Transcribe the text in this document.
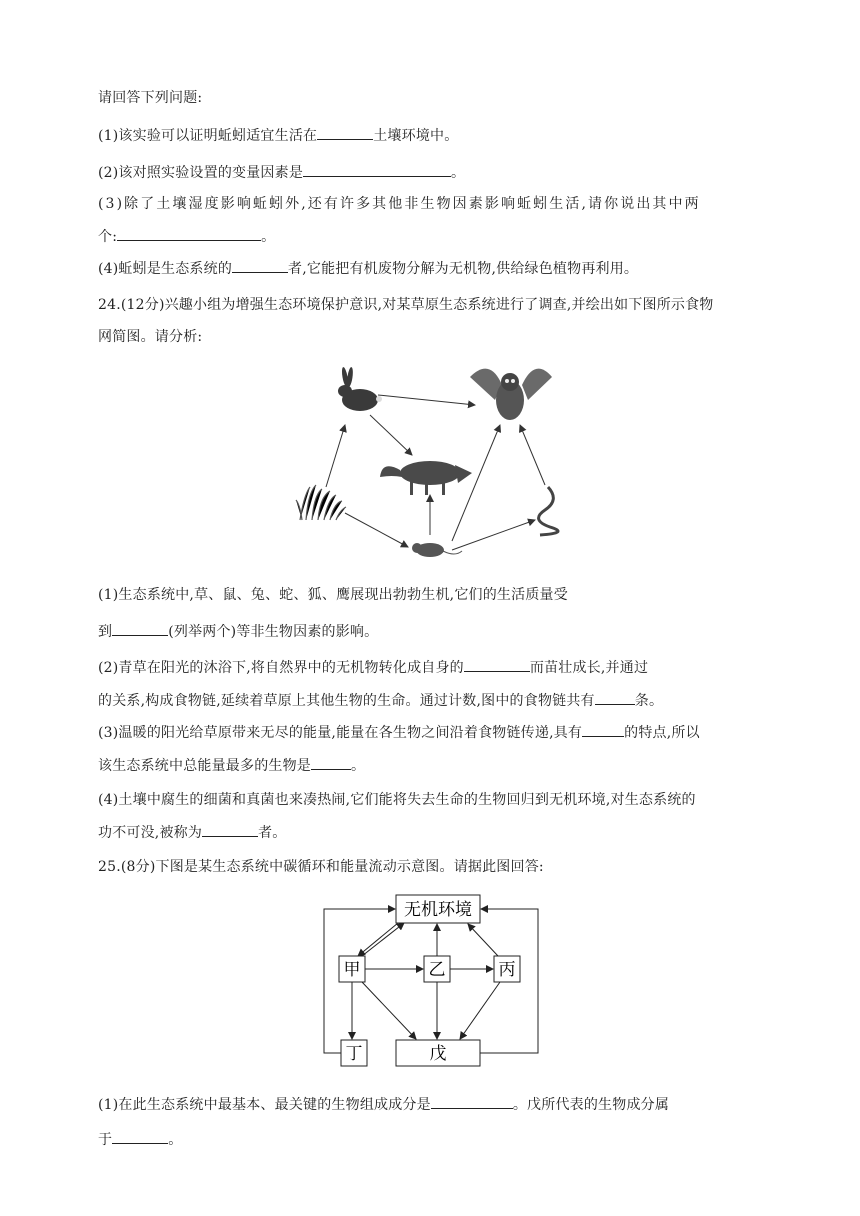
请回答下列问题:
(1)该实验可以证明蚯蚓适宜生活在	土壤环境中。
(2)该对照实验设置的变量因素是	。
(3)除了土壤湿度影响蚯蚓外,还有许多其他非生物因素影响蚯蚓生活,请你说出其中两
个:	。
(4)蚯蚓是生态系统的	者,它能把有机废物分解为无机物,供给绿色植物再利用。
24.(12分)兴趣小组为增强生态环境保护意识,对某草原生态系统进行了调查,并绘出如下图所示食物
网简图。请分析:
(1)生态系统中,草、鼠、兔、蛇、狐、鹰展现出勃勃生机,它们的生活质量受
到	(列举两个)等非生物因素的影响。
(2)青草在阳光的沐浴下,将自然界中的无机物转化成自身的	而苗壮成长,并通过
的关系,构成食物链,延续着草原上其他生物的生命。通过计数,图中的食物链共有	条。
(3)温暖的阳光给草原带来无尽的能量,能量在各生物之间沿着食物链传递,具有	的特点,所以
该生态系统中总能量最多的生物是	。
(4)土壤中腐生的细菌和真菌也来凑热闹,它们能将失去生命的生物回归到无机环境,对生态系统的
功不可没,被称为	者。
25.(8分)下图是某生态系统中碳循环和能量流动示意图。请据此图回答:
无机环境
甲	乙	丙
丁	戊
(1)在此生态系统中最基本、最关键的生物组成成分是	。戊所代表的生物成分属
于	。
